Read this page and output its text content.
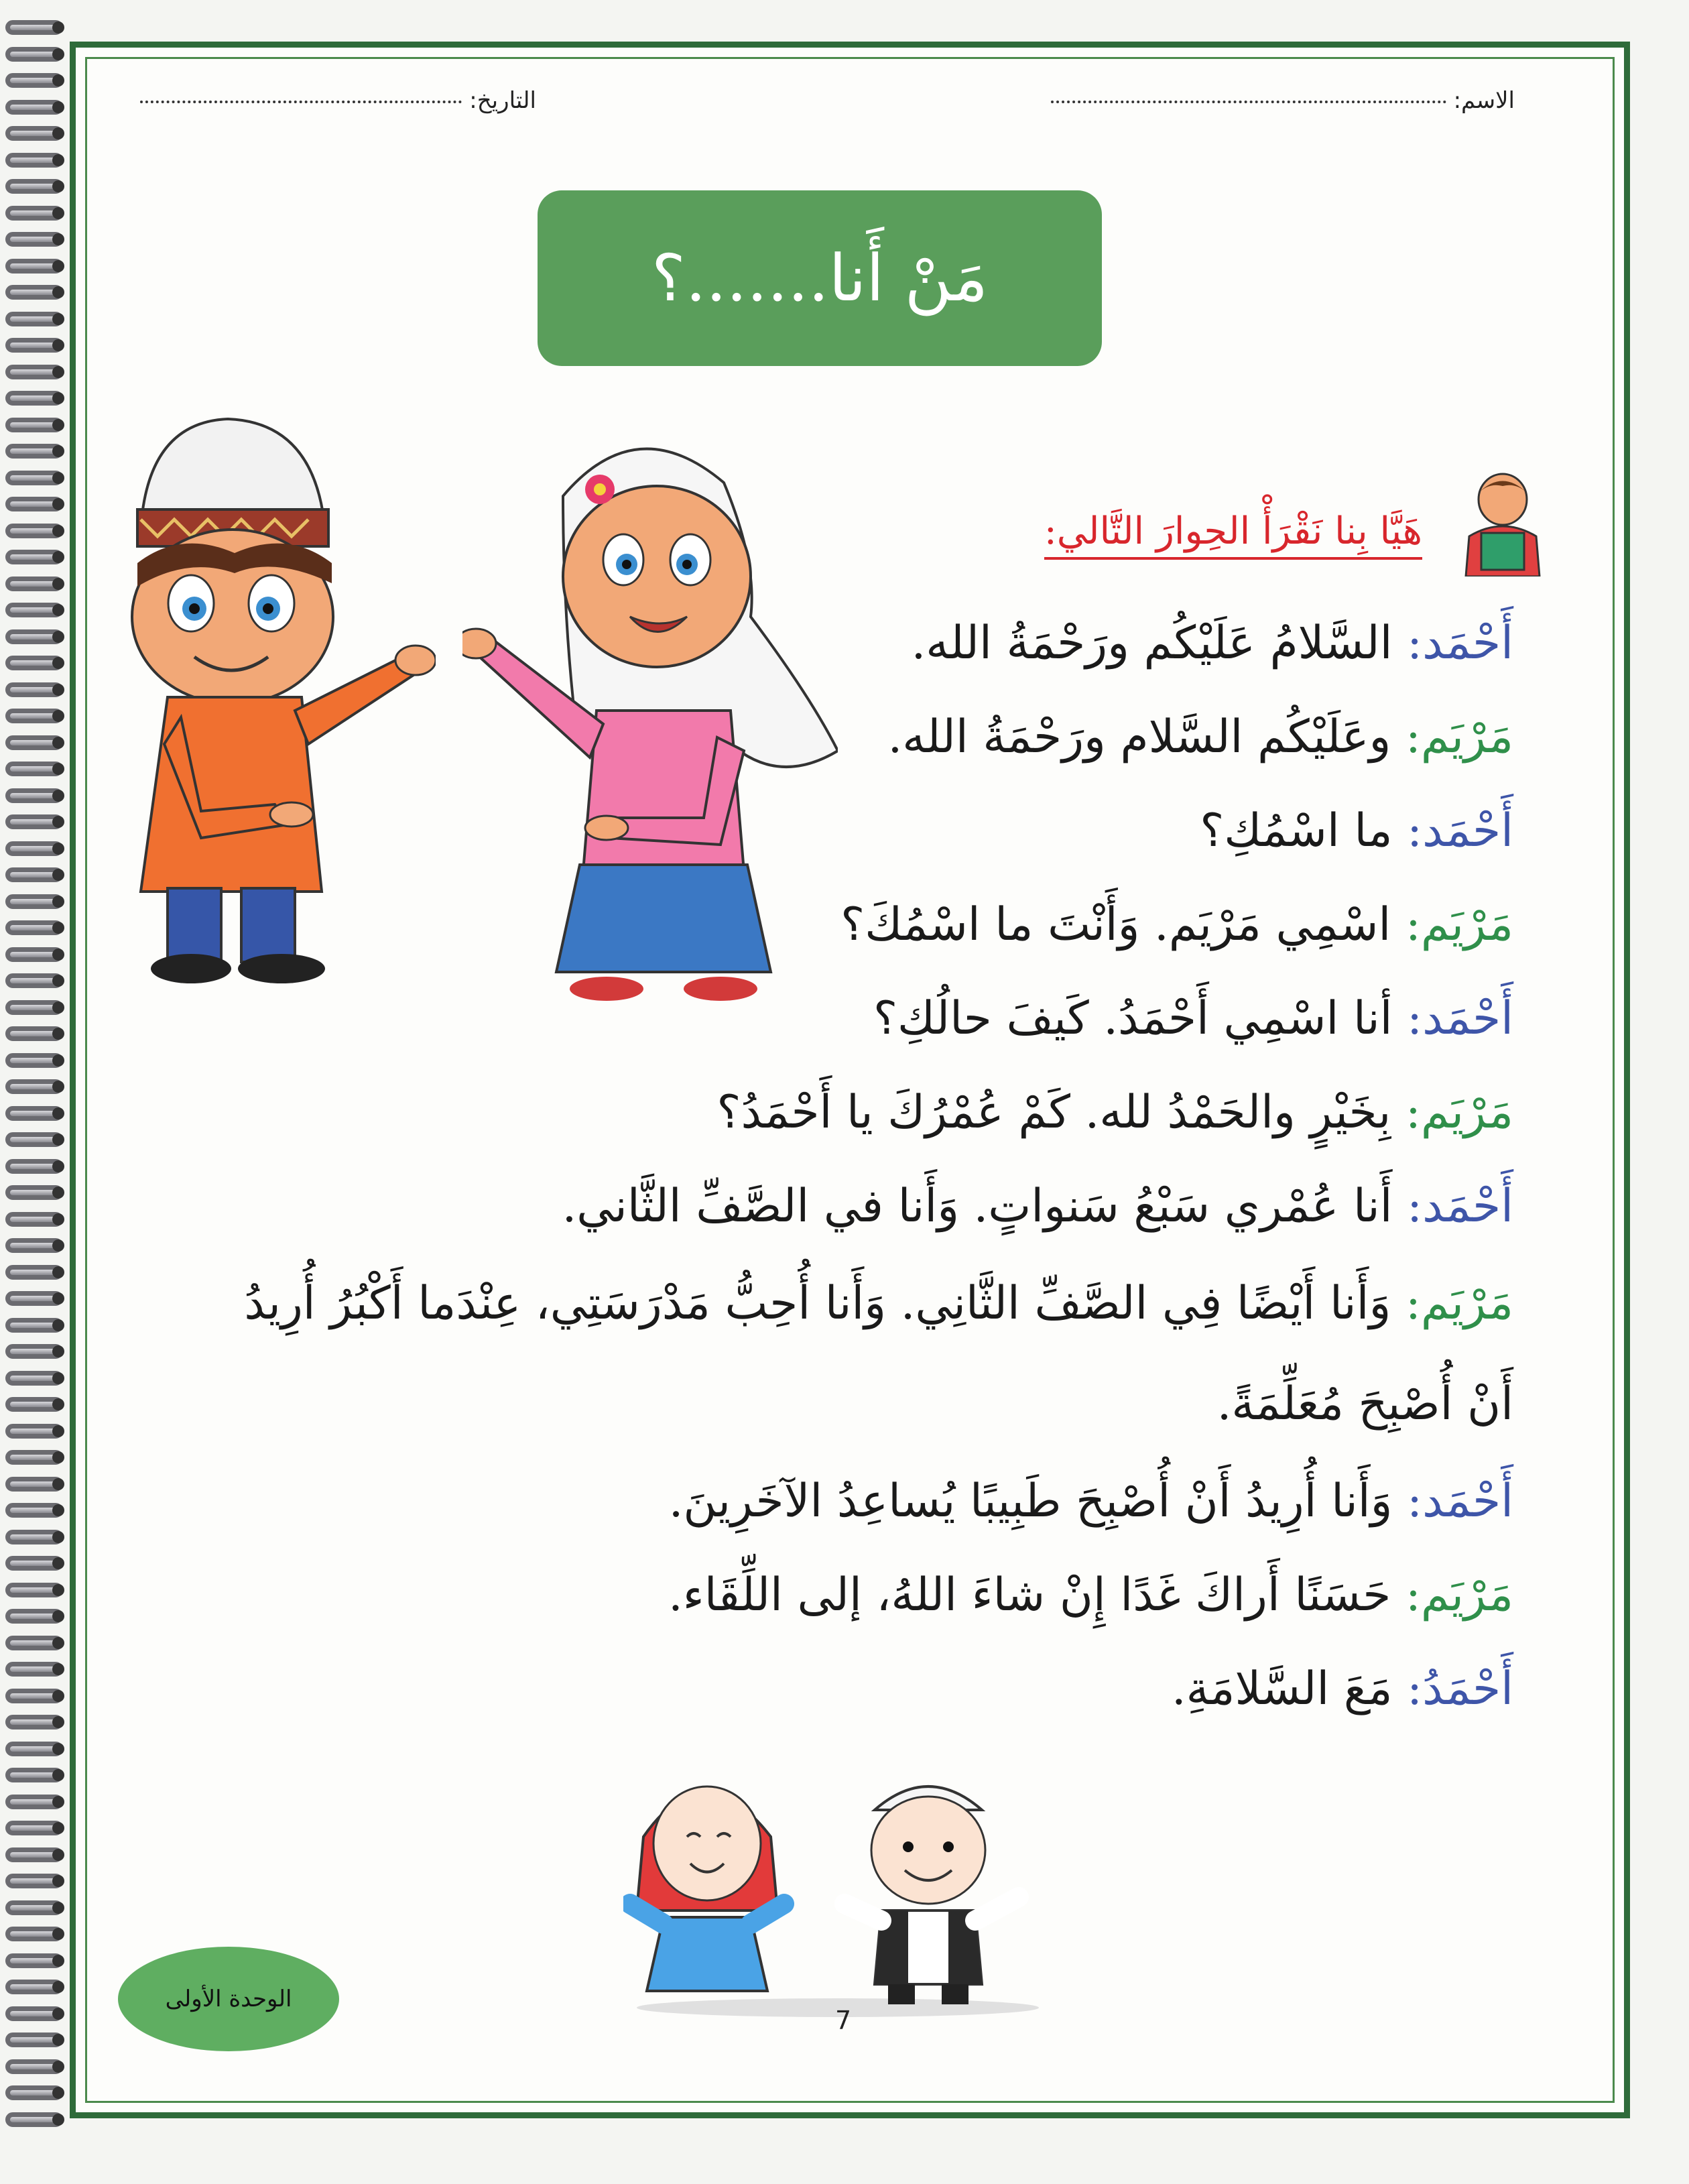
الاسم:
التاريخ:
مَنْ أَنا.......؟
هَيَّا بِنا نَقْرَأْ الحِوارَ التَّالي:
أَحْمَد: السَّلامُ عَلَيْكُم ورَحْمَةُ الله.
مَرْيَم: وعَلَيْكُم السَّلام ورَحْمَةُ الله.
أَحْمَد: ما اسْمُكِ؟
مَرْيَم: اسْمِي مَرْيَم. وَأَنْتَ ما اسْمُكَ؟
أَحْمَد: أنا اسْمِي أَحْمَدُ. كَيفَ حالُكِ؟
مَرْيَم: بِخَيْرٍ والحَمْدُ لله. كَمْ عُمْرُكَ يا أَحْمَدُ؟
أَحْمَد: أَنا عُمْري سَبْعُ سَنواتٍ. وَأَنا في الصَّفِّ الثَّاني.
مَرْيَم: وَأَنا أَيْضًا فِي الصَّفِّ الثَّانِي. وَأَنا أُحِبُّ مَدْرَسَتِي، عِنْدَما أَكْبُرُ أُرِيدُ أَنْ أُصْبِحَ مُعَلِّمَةً.
أَحْمَد: وَأَنا أُرِيدُ أَنْ أُصْبِحَ طَبِيبًا يُساعِدُ الآخَرِينَ.
مَرْيَم: حَسَنًا أَراكَ غَدًا إِنْ شاءَ اللهُ، إلى اللِّقَاء.
أَحْمَدُ: مَعَ السَّلامَةِ.
الوحدة الأولى
7
